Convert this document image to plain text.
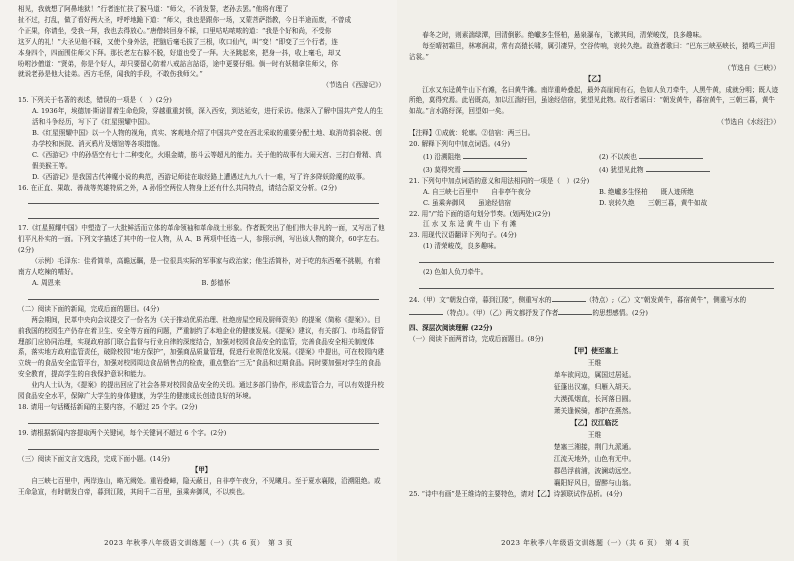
相见，我就想了阿鼻地狱！”行者连忙扶了猴马道：“师父，不消发誓，老孙去罢。”他将有理了

扯不过，打乱，做了看好两大圣，呼呼地跪下道：“师父，我也是跟你一场，又蒙菩萨指教，今日半途而废，不曾成

个正果，你请坐，受我一拜，我也去得放心。”唐僧转回身不睬，口里咕咕哝哝的道：“我是个好和尚，不受你

这歹人的礼！”大圣见他不睬，又使个身外法，把脑后毫毛拔了三根，吹口仙气，叫“变！”即变了三个行者，连

本身四个，四面围住师父下拜。那长老左右躲不脱，好道也受了一拜。大圣跳起来，把身一抖，收上毫毛，却又

吩咐沙僧道：“贤弟，你是个好人，却只要留心防着八戒詀言詀语，途中更要仔细。倘一时有妖精拿住师父，你

就说老孙是他大徒弟。西方毛怪，闻我的手段，不敢伤我师父。”

（节选自《西游记》）

15. 下列关于名著的表述，错误的一项是（　）(2分)

A. 1936年，埃德加·斯诺冒着生命危险，穿越重重封锁，深入西安，到达延安，进行采访。他深入了解中国共产党人的生活和斗争经历，写下了《红星照耀中国》。

B.《红星照耀中国》以一个人物的视角，真实、客观地介绍了中国共产党在西北采取的重要分配土地、取消苛捐杂税、创办学校和医院、消灭鸦片及烟馆等各项措施。

C.《西游记》中的孙悟空有七十二种变化，火眼金睛，筋斗云等超凡的能力。关于他的故事有大闹天宫、三打白骨精、真假美猴王等。

D.《西游记》是我国古代神魔小说的典范，西游记师徒在取经路上遭遇过九九八十一难，写了许多降妖除魔的故事。

16. 在正直、果敢、善战等英雄特质之外，A 孙悟空两位人物身上还有什么共同特点，请结合原文分析。(2分)

17.《红星照耀中国》中塑造了一大批鲜活而立体的革命领袖和革命战士形象。作者既突出了他们伟大非凡的一面，又写出了他们平凡朴实的一面。下列文字描述了其中的一位人物，从 A、B 两项中任选一人，参照示例，写出该人物的简介，60字左右。(2分)

（示例）毛泽东：佳肴简单，高瞻远瞩，是一位很具实际的军事家与政治家；他生活简朴，对于吃的东西毫不挑剔，有着南方人吃辣的嗜好。

A. 周恩来	B. 彭德怀

（二）阅读下面的新闻，完成后面的题目。(4分)

两会期间，民革中央向会议提交了一份名为《关于推动优质治理、杜绝房屋空间及厨师资美》的提案（简称《提案》）。目前我国的校园生产仍存在着卫生、安全等方面的问题，严重制约了本地企业的健康发展。《提案》建议，有关部门、市场监督管理部门应协同治理，实现政府部门联合监督与行业自律的深度结合，加强对校园食品安全的监管，完善食品安全相关制度体系，落实地方政府监管责任，破除校园“地方保护”，加强商品质量管理，促进行业规范化发展。《提案》中提出，可在校园内建立统一的食品安全监管平台，加强对校园周边食品销售点的检查，重点整治“三无”食品和过期食品。同时要加强对学生的食品安全教育，提高学生的自我保护意识和能力。

业内人士认为，《提案》的提出回应了社会各界对校园食品安全的关切。通过多部门协作，形成监管合力，可以有效提升校园食品安全水平，保障广大学生的身体健康，为学生的健康成长创造良好的环境。

18. 请用一句话概括新闻的主要内容，不超过 25 个字。(2分)

19. 请根据新闻内容提取两个关键词，每个关键词不超过 6 个字。(2分)

（三）阅读下面文言文选段，完成下面小题。(14分)

【甲】

自三峡七百里中，两岸连山，略无阙处。重岩叠嶂，隐天蔽日，自非亭午夜分，不见曦月。至于夏水襄陵，沿溯阻绝。或王命急宣，有时朝发白帝，暮到江陵，其间千二百里，虽乘奔御风，不以疾也。

2023 年秋季八年级语文训练题（一）（共 6 页）　第 3 页

春冬之时，则素湍绿潭，回清倒影。绝巘多生怪柏，悬泉瀑布，飞漱其间，清荣峻茂，良多趣味。

每至晴初霜旦，林寒涧肃，常有高猿长啸，属引凄异，空谷传响，哀转久绝。故渔者歌曰：“巴东三峡巫峡长，猿鸣三声泪沾裳。”

（节选自《三峡》）

【乙】

江水又东迳黄牛山下有滩，名曰黄牛滩。南岸重岭叠起，最外高崖间有石，色如人负刀牵牛，人黑牛黄，成就分明；既人迹所绝，莫得究焉。此岩既高，加以江湍纡回，虽途经信宿，犹望见此物。故行者谣曰：“朝发黄牛，暮宿黄牛，三朝三暮，黄牛如故。”言水路纡深，回望如一矣。

（节选自《水经注》）

【注释】①成就：轮廓。②信宿：两三日。

20. 解释下列句中加点词语。(4分)

(1) 沿溯阻绝	(2) 不以疾也

(3) 莫得究焉	(4) 犹望见此物

21. 下列句中加点词语的意义和用法相同的一项是（　）(2分)

A. 自三峡七百里中　　自非亭午夜分	B. 绝巘多生怪柏　　既人迹所绝

C. 虽乘奔御风　　虽途经信宿	D. 哀转久绝　　三朝三暮，黄牛如故

22. 用“/”给下面的语句划分节奏。(划两处)(2分)

江 水 又 东 迳 黄 牛 山 下 有 滩

23. 用现代汉语翻译下列句子。(4分)

(1) 清荣峻茂，良多趣味。

(2) 色如人负刀牵牛。

24.（甲）文“朝发白帝，暮到江陵”，侧重写水的	（特点）;（乙）文“朝发黄牛，暮宿黄牛”，侧重写水的（特点）。（甲）（乙）两文都抒发了作者	的思想感情。(2分)

四、深层次阅读理解 (22分)

（一）阅读下面两首诗，完成后面题目。(8分)

【甲】使至塞上

王维

单车欲问边，属国过居延。

征蓬出汉塞，归雁入胡天。

大漠孤烟直，长河落日圆。

萧关逢候骑，都护在燕然。

【乙】汉江临泛

王维

楚塞三湘接，荆门九派通。

江流天地外，山色有无中。

郡邑浮前浦，波澜动远空。

襄阳好风日，留醉与山翁。

25. “诗中有画”是王维诗的主要特色，请对【乙】诗颔联试作品析。(4分)

2023 年秋季八年级语文训练题（一）（共 6 页）　第 4 页
